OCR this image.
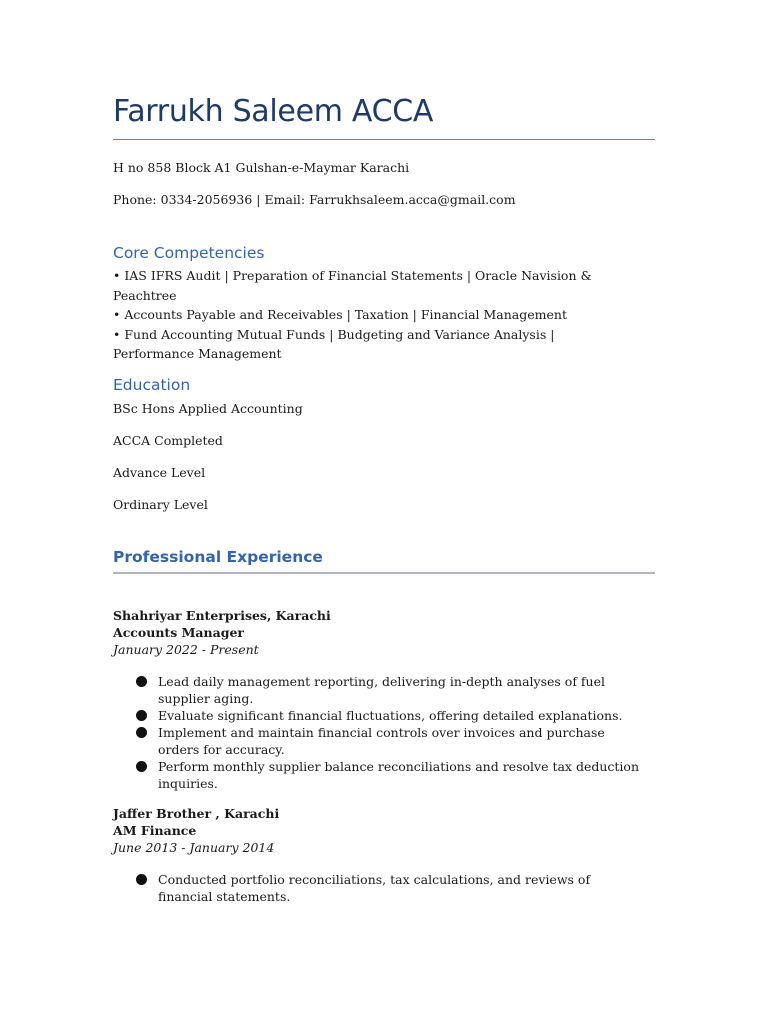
Farrukh Saleem ACCA
H no 858 Block A1 Gulshan-e-Maymar Karachi
Phone: 0334-2056936 | Email: Farrukhsaleem.acca@gmail.com
Core Competencies
• IAS IFRS Audit | Preparation of Financial Statements | Oracle Navision & Peachtree
• Accounts Payable and Receivables | Taxation | Financial Management
• Fund Accounting Mutual Funds | Budgeting and Variance Analysis | Performance Management
Education
BSc Hons Applied Accounting
ACCA Completed
Advance Level
Ordinary Level
Professional Experience
Shahriyar Enterprises, Karachi
Accounts Manager
January 2022 - Present
Lead daily management reporting, delivering in-depth analyses of fuel supplier aging.
Evaluate significant financial fluctuations, offering detailed explanations.
Implement and maintain financial controls over invoices and purchase orders for accuracy.
Perform monthly supplier balance reconciliations and resolve tax deduction inquiries.
Jaffer Brother , Karachi
AM Finance
June 2013 - January 2014
Conducted portfolio reconciliations, tax calculations, and reviews of financial statements.
